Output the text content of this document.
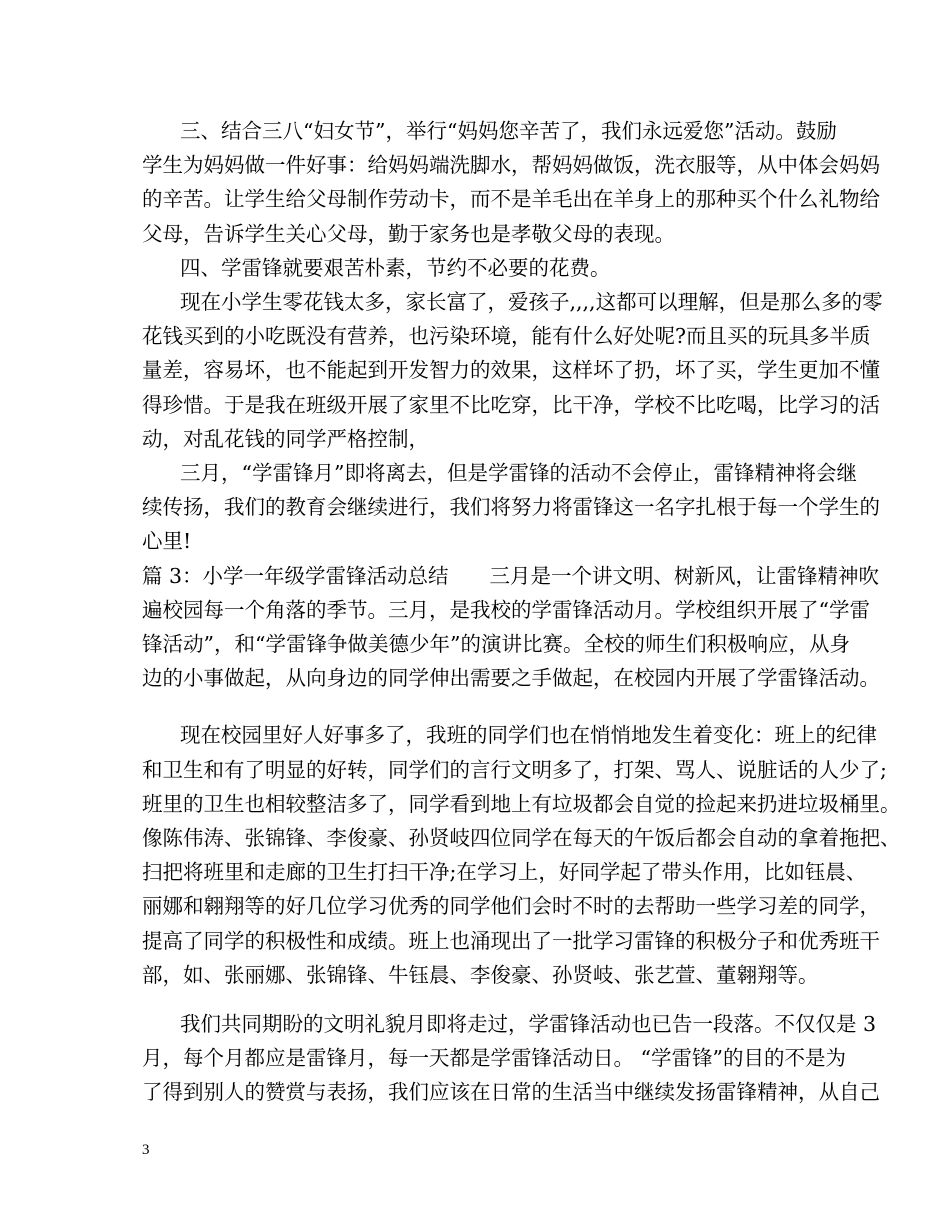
三、结合三八“妇女节”，举行“妈妈您辛苦了，我们永远爱您”活动。鼓励
学生为妈妈做一件好事：给妈妈端洗脚水，帮妈妈做饭，洗衣服等，从中体会妈妈
的辛苦。让学生给父母制作劳动卡，而不是羊毛出在羊身上的那种买个什么礼物给
父母，告诉学生关心父母，勤于家务也是孝敬父母的表现。
四、学雷锋就要艰苦朴素，节约不必要的花费。
现在小学生零花钱太多，家长富了，爱孩子,,,,这都可以理解，但是那么多的零
花钱买到的小吃既没有营养，也污染环境，能有什么好处呢?而且买的玩具多半质
量差，容易坏，也不能起到开发智力的效果，这样坏了扔，坏了买，学生更加不懂
得珍惜。于是我在班级开展了家里不比吃穿，比干净，学校不比吃喝，比学习的活
动，对乱花钱的同学严格控制，
三月，“学雷锋月”即将离去，但是学雷锋的活动不会停止，雷锋精神将会继
续传扬，我们的教育会继续进行，我们将努力将雷锋这一名字扎根于每一个学生的
心里!
篇 3：小学一年级学雷锋活动总结　　三月是一个讲文明、树新风，让雷锋精神吹
遍校园每一个角落的季节。三月，是我校的学雷锋活动月。学校组织开展了“学雷
锋活动”，和“学雷锋争做美德少年”的演讲比赛。全校的师生们积极响应，从身
边的小事做起，从向身边的同学伸出需要之手做起，在校园内开展了学雷锋活动。
现在校园里好人好事多了，我班的同学们也在悄悄地发生着变化：班上的纪律
和卫生和有了明显的好转，同学们的言行文明多了，打架、骂人、说脏话的人少了;
班里的卫生也相较整洁多了，同学看到地上有垃圾都会自觉的捡起来扔进垃圾桶里。
像陈伟涛、张锦锋、李俊豪、孙贤岐四位同学在每天的午饭后都会自动的拿着拖把、
扫把将班里和走廊的卫生打扫干净;在学习上，好同学起了带头作用，比如钰晨、
丽娜和翱翔等的好几位学习优秀的同学他们会时不时的去帮助一些学习差的同学，
提高了同学的积极性和成绩。班上也涌现出了一批学习雷锋的积极分子和优秀班干
部，如、张丽娜、张锦锋、牛钰晨、李俊豪、孙贤岐、张艺萱、董翱翔等。
我们共同期盼的文明礼貌月即将走过，学雷锋活动也已告一段落。不仅仅是 3
月，每个月都应是雷锋月，每一天都是学雷锋活动日。 “学雷锋”的目的不是为
了得到别人的赞赏与表扬，我们应该在日常的生活当中继续发扬雷锋精神，从自己
3
